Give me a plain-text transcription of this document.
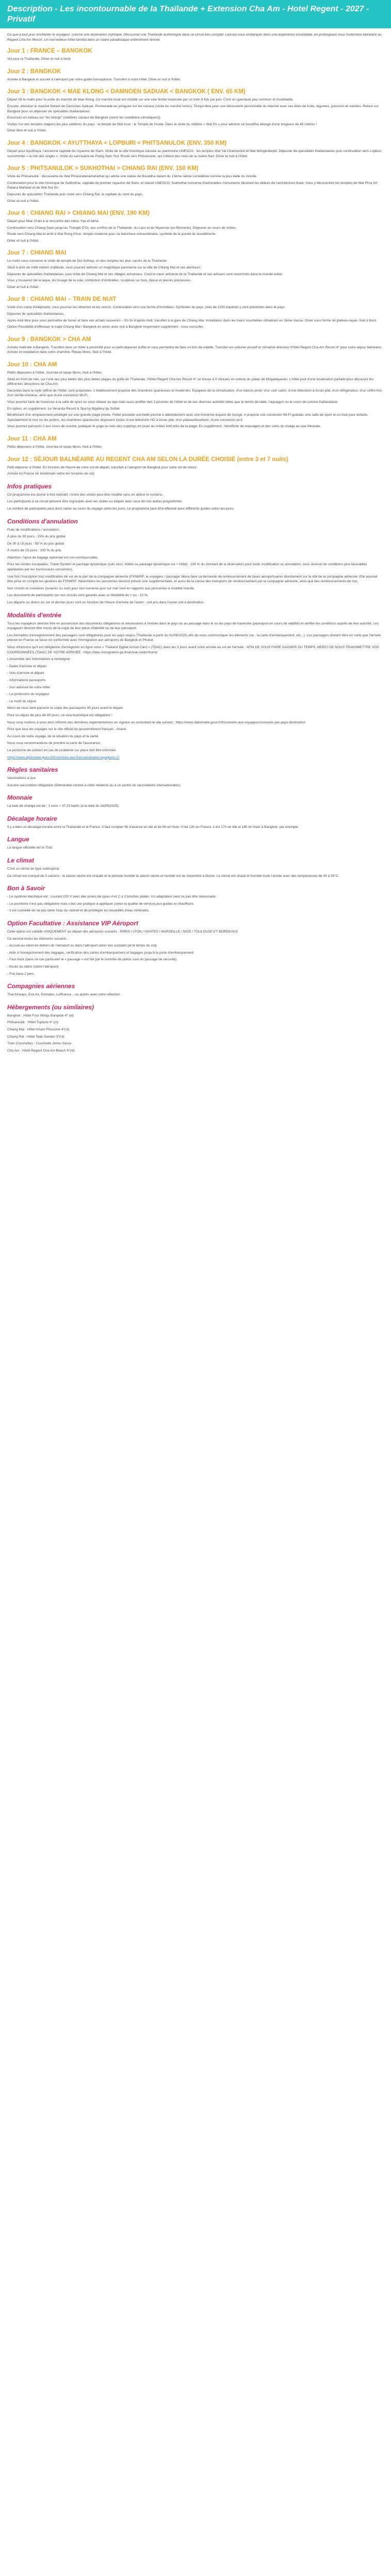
Description - Les incontournable de la Thaïlande + Extension Cha Am - Hotel Regent - 2027 - Privatif

Ce que a tout pour enchanter le voyageur, comme une destination mythique. Découvrez une Thaïlande authentique dans ce circuit très complet. Laissez-vous embarquer dans une expérience inoubliable, en prolongeant vous l'extension balnéaire au Regent Cha Am Resort. Un merveilleux hôtel familial dans un cadre paradisiaque entièrement rénové.

Jour 1 : FRANCE – BANGKOK

Vol pour la Thaïlande. Dîner et nuit à bord.

Jour 2 : BANGKOK

Arrivée à Bangkok et accueil à l'aéroport par votre guide francophone. Transfert à votre hôtel. Dîner et nuit à l'hôtel.

Jour 3 : BANGKOK < MAE KLONG < DAMNOEN SADUAK < BANGKOK ( ENV. 65 KM)

Départ tôt le matin pour la visite du marché de Mae Klong. Ce marché local est installé sur une voie ferrée traversée par un train 8 fois par jour. C'est un spectacle peu commun et inoubliable.

Ensuite, direction le marché flottant de Damnoen Saduak. Promenade en pirogues sur les canaux (visite du marché inclus). Temps libre pour une découverte personnelle du marché avec ses étals de fruits, légumes, poissons et viandes. Retour sur Bangkok pour un déjeuner de spécialités thaïlandaises.

Excursion en bateau sur "les klongs" (célèbres canaux de Bangkok (selon les conditions climatiques)).

Visites l'un des temples majeurs les plus célèbres du pays : le temple de Wat Arun ; le Temple de l'Aube. Dans la visite du célèbre « Wat Po » pour admirer ce bouddha allongé d'une longueur de 46 mètres !

Dîner libre et nuit à l'hôtel.

Jour 4 : BANGKOK < AYUTTHAYA < LOPBURI < PHITSANULOK (ENV. 350 KM)

Départ pour Ayutthaya, l'ancienne capitale du royaume de Siam. Visite de la ville historique classée au patrimoine UNESCO : les temples Wat Yai Chaimonkol et Wat Mongkolbopit. Déjeuner de spécialités thaïlandaises puis continuation vers Lopburi, surnommée « la cité des singes ». Visite du sanctuaire de Prang Sam Yod. Route vers Phitsanulok, qui s'étend des rives de la rivière Nan. Dîner et nuit à l'hôtel.

Jour 5 : PHITSANULOK > SUKHOTHAI > CHIANG RAI (ENV. 150 KM)

Visite de Phitsanulok : découverte du Wat Phrasiratanamahathat qui abrite une statue de Bouddha datant du 13ème siècle considérée comme la plus belle du monde.

Continuation pour le site historique de Sukhothai, capitale du premier royaume de Siam, et classé UNESCO. Sukhothai conserve d'admirables monuments illustrant les débuts de l'architecture thaïe. Vous y découvrirez les temples de Wat Phra Sri Ratana Mahatat et de Wat Sra Sri.

Déjeuner de spécialités Thaïlande puis route vers Chiang Rai, la capitale du nord du pays.

Dîner et nuit à l'hôtel.

Jour 6 : CHIANG RAI > CHIANG MAI (ENV. 190 KM)

Départ pour Mae Chan à la rencontre des tribus Yao et Akha.

Continuation vers Chiang Saen jusqu'au Triangle D'Or, aux confins de la Thaïlande, du Laos et du Myanmar (ex-Birmanie). Déjeuner en cours de visites.

Route vers Chiang Mai et arrêt à Wat Rong Khun, temple moderne pour sa blancheur extraordinaire, symbole de la pureté du bouddhisme.

Dîner et nuit à l'hôtel.

Jour 7 : CHIANG MAI

Le matin vous conserve le visite de temple de Doi Suthep, un des temples les plus sacrés de la Thaïlande.

Situé à prés de mille mètres d'altitude, vous pourrez admirer un magnifique panorama sur la ville de Chiang Mai et ses alentours.

Déjeuner de spécialités thaïlandaises, puis visite de Chiang Mai et ses villages artisanaux. C'est le cœur artisanal de la Thaïlande et ses artisans sont renommés dans le monde entier.

Vous y trouverez de la laque, du tissage de la soie, confection d'ombrelles, sculpture sur bois, bijoux et pierres précieuses.

Dîner et nuit à l'hôtel.

Jour 8 : CHIANG MAI – TRAIN DE NUIT

Visite d'un camp d'éléphants, vous pourrez les observer et les nourrir. Continuation vers une ferme d'orchidées. Symboles du pays, près de 1100 espèces y sont présentes dans le pays.

Déjeuner de spécialités thaïlandaises.

Après-midi libre pour vous permettre de fumer et faire vos achats souvenirs – En fin d'après-midi, transfert à la gare de Chiang Mai. Installation dans les trains couchettes climatisés en 2ème classe. Dîner sous forme de plateau-repas. Nuit à bord.

Option Possibilité d'effectuer le trajet Chiang Mai / Bangkok en avion avec nuit à Bangkok moyennant supplément : nous consulter.

Jour 9 : BANGKOK > CHA AM

Arrivée matinale à Bangkok. Transfert dans un hôtel à proximité pour un petit déjeuner buffet et vous permettre de faire un brin de toilette. Transfert en voiturier privatif et climatisé direction l'Hôtel Regent Cha Am Resort 4* pour notre séjour balnéaire. Arrivée et installation dans votre chambre. Repas libres. Nuit à l'hôtel.

Jour 10 : CHA AM

Petits déjeuners à l'hôtel. Journée et repas libres. Nuit à l'hôtel.

Situé en front de mer, sur l'une des plus belles des plus belles plages du golfe de Thaïlande, l'Hôtel Regent Cha Am Resort 4* se trouve à 5 minutes en voiture du palais de Mrigadayavan. L'hôtel jouit d'une localisation parfaite pour découvrir les différentes attractions de Cha-Am.

Décorées dans le style raffiné de l'hôtel, sont proposées. L'établissement propose des chambres spacieuses et modernes. Équipées de la climatisation, d'un balcon privé, d'un coin salon, d'une télévision à écran plat, d'un réfrigérateur, d'un coffre-fort, d'un sèche-cheveux, ainsi que d'une connexion Wi-Fi.

Vous pourrez faire de l'exercice à la salle de sport ou vous relaxer au spa mais aussi profiter des 2 piscines de l'hôtel et de ses diverses activités telles que le tennis de table, l'aquagym ou le cours de cuisine thaïlandaise.

En option, en supplément. Le Veranda Resort & Spa by Mgallery by Sofitel

Bénéficiant d'un emplacement privilégié sur une grande plage privée, l'hôtel possède une belle piscine à débordement avec une immense espace de lounge. Il propose une connexion Wi-Fi gratuite, une salle de sport et un club pour enfants. Spécialement le mur ou les jardins, les chambres spacieuses disposent toutes d'une télévision HD à écran plat, d'un plateau/bouilloire, d'une connexion wi-fi.

Vous pourrez parcourir 2 aux cours de cuisine, pratiquer le yoga ou vers des cuppings en jouer au critéer bref près de la plage. En supplément : bénéficier de massages et des soins du visage au spa Veranda.

Jour 11 : CHA AM

Petits déjeuners à l'hôtel. Journée et repas libres. Nuit à l'hôtel.

Jour 12 : SÉJOUR BALNÉAIRE AU REGENT CHA AM SELON LA DURÉE CHOISIE (entre 3 et 7 nuits)

Petit déjeuner à l'hôtel. En fonction de l'heure de votre vol de départ, transfert à l'aéroport de Bangkok pour votre vol de retour.

Arrivée en France (le lendemain selon les horaires de vol)

Infos pratiques

Ce programme est donné à titre indicatif, l'ordre des visites peut être modifié sans en altérer le contenu.

Les participants à ce circuit peuvent être regroupés avec les visites ou étapes avec ceux de nos autres programmes.

Le nombre de participants peut donc varier au cours du voyage selon les jours. Le programme peut être effectué avec différents guides selon les jours.

Conditions d'annulation

Frais de modifications / annulation :

À plus de 30 jours : 15% du prix global

De 30 à 15 jours : 85 % du prix global

À moins de 15 jours : 100 % du prix.

Attention, l'ajout de bagage optionnel est non-remboursable.

Pour les ventes escapades, Travel System et package dynamique (vols secs, hôtels ou package dynamique vol + hôtel) : 100 % du montant de la réservation pour toute modification ou annulation, sous réserve de conditions plus favorables appliquées par les fournisseurs concernés).

Une fois l'inscription tout modification de vol de la part de la compagnie aérienne (FXNMXF, le voyageur / passager devra faire sa demande de remboursement de taxes aéroportuaires directement sur le site de la compagnie aérienne. Elle pourrait être prise en compte les gestions de FXNMXF. Néanmoins les personnes devront prévoir une supplémentaire, et aussi de la caisse des transports de remboursement par la compagnie aérienne, ainsi que des remboursements de nos.

Nos circuits et croisières (lunaires ou non) pour ces numéros puis sur mer sont en rapports aux personnes à mobilité réduite.

Les documents de participants sur nos circuits sont garantis avec un flexibilité de + ou - 10 %.

Les départs ou divers du 1er et dernier jours sont en fonction de l'heure d'arrivée de l'avion : soit pris dans l'avion soit à destination.

Modalités d'entrée

Tous les voyageurs devront être en possession des documents obligatoires et nécessaires à l'entrée dans le pays ou au passage dans le ou les pays de traversée (passeport en cours de validité) et vérifier les conditions auprès de leur autorité. Les voyageurs devront être munis de la copie de leur pièce d'identité ou de leur passeport.

Les formalités d'enregistrement des passagers sont obligatoires pour les pays requis (Thaïlande à partir du 01/05/2025) afin de nous communiquer les éléments (ex : la carte d'embarquement, etc...). Les passagers doivent faire en sorte que l'arrivée prévue en France se fasse en conformité avec l'immigration aux aéroports de Bangkok et Phuket.

Nous informons qu'il est obligatoire d'enregistrer en ligne votre « Thailand Digital Arrival Card » (TDAC) dans les 3 jours avant votre arrivée au vol de l'arrivée : AFIN DE VOUS FAIRE GAGNER DU TEMPS, MERCI DE NOUS TRANSMETTRE VOS COORDONNÉES (TDAC) DE VOTRE ARRIVÉE : https://tdac.immigration.go.th/arrival-card/#/home

L'ensemble des informations à renseigner :

- Dates d'arrivée et départ

- Vols d'arrivée et départ

- Informations passeports

- Son adresse de votre hôtel

- La profession du voyageur

- Le motif du séjour

Merci de nous faire parvenir la copie des passeports 45 jours avant le départ.

Pour un séjour de plus de 60 jours, un visa touristique est obligatoire !

Nous vous invitons à vous tenir informé des dernières réglementations en vigueur en consultant le site suivant : https://www.diplomatie.gouv.fr/fr/conseils-aux-voyageurs/conseils-par-pays-destination

Pour que tous les voyages sur le site officiel du gouvernement français : Ariane

Au cours de votre voyage, de la situation du pays et la santé.

Nous vous recommandons de prendre la carte de l'assurance.

La personne de contact en cas de problème sur place doit être informée.

https://www.diplomatie.gouv.fr/fr/services-aux-francais/ariane-voyageurs-1/

Règles sanitaires

Vaccinations à jour.

Aucune vaccination obligatoire (Demandez conseil à votre médecin ou à un centre de vaccinations internationales).

Monnaie

La baie de change est de : 1 euro = 37,23 bahts (à la date du 16/05/2025)

Décalage horaire

Il y a bien un décalage horaire entre la Thaïlande et la France. Il faut compter 5h d'avance en été et de 6h en hiver. Il fait 12h en France, il est 17h en été et 18h en hiver à Bangkok, par exemple.

Langue

La langue officielle est le Thaï.

Le climat

C'est un climat de type subtropical.

Ce climat est marqué de 3 saisons : la saison sèche est chaude et la période humide la saison sèche et humide est de novembre à février. Le climat est chaud et humide toute l'année avec des températures de 30 à 35°C.

Bon à Savoir

- Le système électrique est : courant 220 V avec des prises de types A et C à 2 broches plates. Un adaptateur peut ne pas être nécessaire.

- Le pourboire n'est pas obligatoire mais c'est une pratique à appliquer (selon la qualité de service) aux guides et chauffeurs.

- Il est conseillé de ne pas boire l'eau du robinet et de privilégier les bouteilles d'eau minérales.

Option Facultative : Assistance VIP Aéroport

Cette option est valable UNIQUEMENT au départ des aéroports suivants : PARIS / LYON / NANTES / MARSEILLE / NICE / TOULOUSE ET BORDEAUX

Ce service inclus les éléments suivants :

- Accueil au client en dehors de l'aéroport ou dans l'aéroport selon vos souhaits (et le temps du vol).

- Aide à l'enregistrement des bagages, vérification des cartes d'embarquement et bagages jusqu'à la porte d'embarquement.

- Fast track (dans ce cas particulier le « passage » est fait par le contrôle de police suivi du passage de sécurité).

- Accès au salon (selon l'aéroport)

- Prix base 2 pers.

Compagnies aériennes

Thai Airways, Eva Air, Emirates, Lufthansa ...ou autres avec votre sélection

Hébergements (ou similaires)

Bangkok : Hôtel Four Wings Bangkok 4* (nl)

Phitsanulok : Hôtel Topland 4* (nl)

Chiang Mai : Hôtel Kham Phucome 4*(nl)

Chiang Rai : Hôtel Teak Garden 3*(nl)

Train Couchettes : Couchette 2ème classe

Cha Am : Hôtel Regent Cha Am Beach 4*(nl)
